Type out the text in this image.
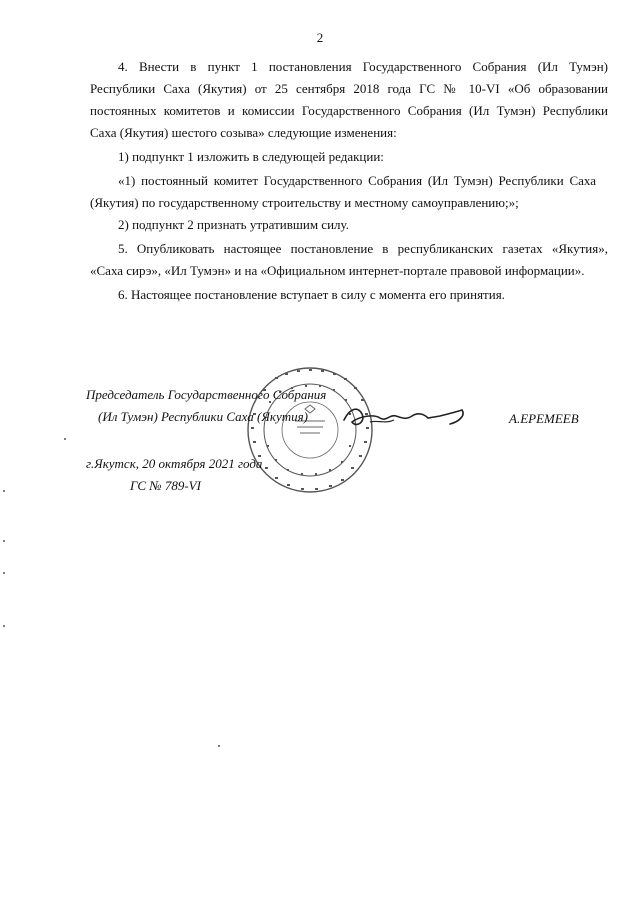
2
4. Внести в пункт 1 постановления Государственного Собрания (Ил Тумэн)
Республики Саха (Якутия) от 25 сентября 2018 года ГС № 10-VI «Об образовании
постоянных комитетов и комиссии Государственного Собрания (Ил Тумэн) Республики
Саха (Якутия) шестого созыва» следующие изменения:
1) подпункт 1 изложить в следующей редакции:
«1) постоянный комитет Государственного Собрания (Ил Тумэн) Республики Саха
(Якутия) по государственному строительству и местному самоуправлению;»;
2) подпункт 2 признать утратившим силу.
5. Опубликовать настоящее постановление в республиканских газетах «Якутия»,
«Саха сирэ», «Ил Тумэн» и на «Официальном интернет-портале правовой информации».
6. Настоящее постановление вступает в силу с момента его принятия.
Председатель Государственного Собрания
(Ил Тумэн) Республики Саха (Якутия)	А.ЕРЕМЕЕВ
г.Якутск, 20 октября 2021 года
ГС № 789-VI
